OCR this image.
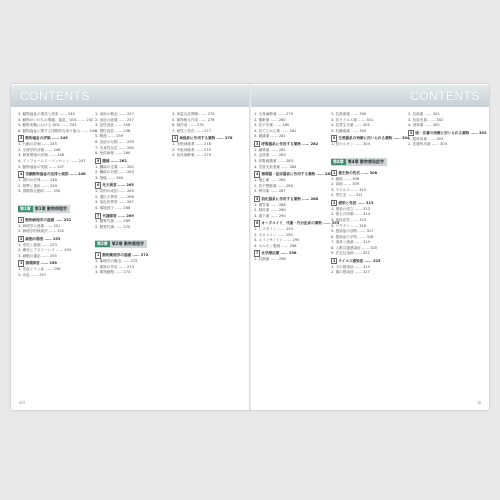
CONTENTS
3. 動物福祉の現状と将来 …… 240
4. 動物のいのちの尊厳，福祉，QOL …… 242
5. 動物実験における QOL …… 243
6. 動物福祉に関する国際的な取り組み …… 244
3 動物福祉の評価 …… 245
1. 行動の評価 …… 245
2. 生理学的評価 …… 246
3. 飼育環境の評価 …… 246
4. インフォームド・コンセント …… 247
5. 動物福祉の実践 …… 247
4 実験動物福祉の法律と規則 …… 248
1. 国内の法律 …… 248
2. 基準と指針 …… 249
3. 国際的な動向 …… 250
第1章 第1章 動物病理学
1 動物病理学の基礎 …… 251
1. 病理学の意義 …… 251
2. 病理学的検索法 …… 252
2 細胞の傷害 …… 253
1. 変性と萎縮 …… 253
2. 壊死とアポトーシス …… 254
3. 細胞の適応 …… 255
3 循環障害 …… 256
1. 充血とうっ血 …… 256
2. 出血 …… 257
1. 炎症の概念 …… 257
2. 炎症の経過 …… 257
3. 急性炎症 …… 258
4. 慢性炎症 …… 258
5. 修復 …… 259
6. 炎症の分類 …… 259
7. 全身性反応 …… 260
8. 免疫病理 …… 260
5 腫瘍 …… 262
1. 腫瘍の定義 …… 262
2. 腫瘍の分類 …… 263
3. 発癌 …… 264
6 先天異常 …… 265
1. 奇形の成因 …… 265
2. 遺伝子異常 …… 266
3. 染色体異常 …… 267
4. 環境因子 …… 268
7 代謝障害 …… 269
1. 糖質代謝 …… 269
2. 脂質代謝 …… 270
第2章 第2章 動物薬理学
1 動物薬理学の基礎 …… 272
1. 薬理学の概念 …… 272
2. 薬物の作用 …… 273
3. 薬物動態 …… 274
4. 用量反応関係 …… 275
5. 薬物相互作用 …… 276
6. 副作用 …… 276
7. 耐性と依存 …… 277
2 神経系に作用する薬物 …… 278
1. 末梢神経系 …… 278
2. 中枢神経系 …… 279
3. 局所麻酔薬 …… 279
viii
CONTENTS
1. 全身麻酔薬 …… 279
2. 催眠薬 …… 280
3. 抗不安薬 …… 280
4. 抗てんかん薬 …… 281
5. 鎮痛薬 …… 281
3 呼吸器系に作用する薬物 …… 282
1. 鎮咳薬 …… 282
2. 去痰薬 …… 283
3. 呼吸刺激薬 …… 283
4. 気管支拡張薬 …… 284
4 循環器・泌尿器系に作用する薬物 …… 285
1. 強心薬 …… 285
2. 抗不整脈薬 …… 286
3. 利尿薬 …… 287
5 消化器系に作用する薬物 …… 288
1. 健胃薬 …… 288
2. 制吐薬 …… 289
3. 瀉下薬 …… 290
6 オータコイド，代謝・内分泌系の薬物 …… 293
1. ヒスタミン …… 293
2. セロトニン …… 294
3. エイコサノイド …… 295
4. ホルモン製剤 …… 296
7 化学療法薬 …… 298
1. 抗菌薬 …… 298
2. 抗真菌薬 …… 300
3. 抗ウイルス薬 …… 301
4. 抗寄生虫薬 …… 302
5. 抗腫瘍薬 …… 303
8 生殖器系の治療に用いられる薬物 …… 304
1. 性ホルモン …… 304
第4章 第4章 動物感染症学
1 微生物の性状 …… 308
1. 細菌 …… 308
2. 真菌 …… 309
3. ウイルス …… 310
4. 寄生虫 …… 311
2 感染と免疫 …… 313
1. 感染の成立 …… 313
2. 宿主の防御 …… 314
3. 免疫応答 …… 315
4. ワクチン …… 316
5. 感染症の診断 …… 317
6. 感染症の予防 …… 318
7. 消毒と滅菌 …… 319
8. 人獣共通感染症 …… 320
9. 法定伝染病 …… 322
3 ウイルス感染症 …… 325
1. 犬の感染症 …… 325
2. 猫の感染症 …… 327
2. 抗菌薬 …… 301
3. 抗原虫薬 …… 302
4. 消毒薬 …… 302
9 眼・皮膚の治療に用いられる薬物 …… 303
1. 眼科用薬 …… 303
2. 皮膚科用薬 …… 304
ix
